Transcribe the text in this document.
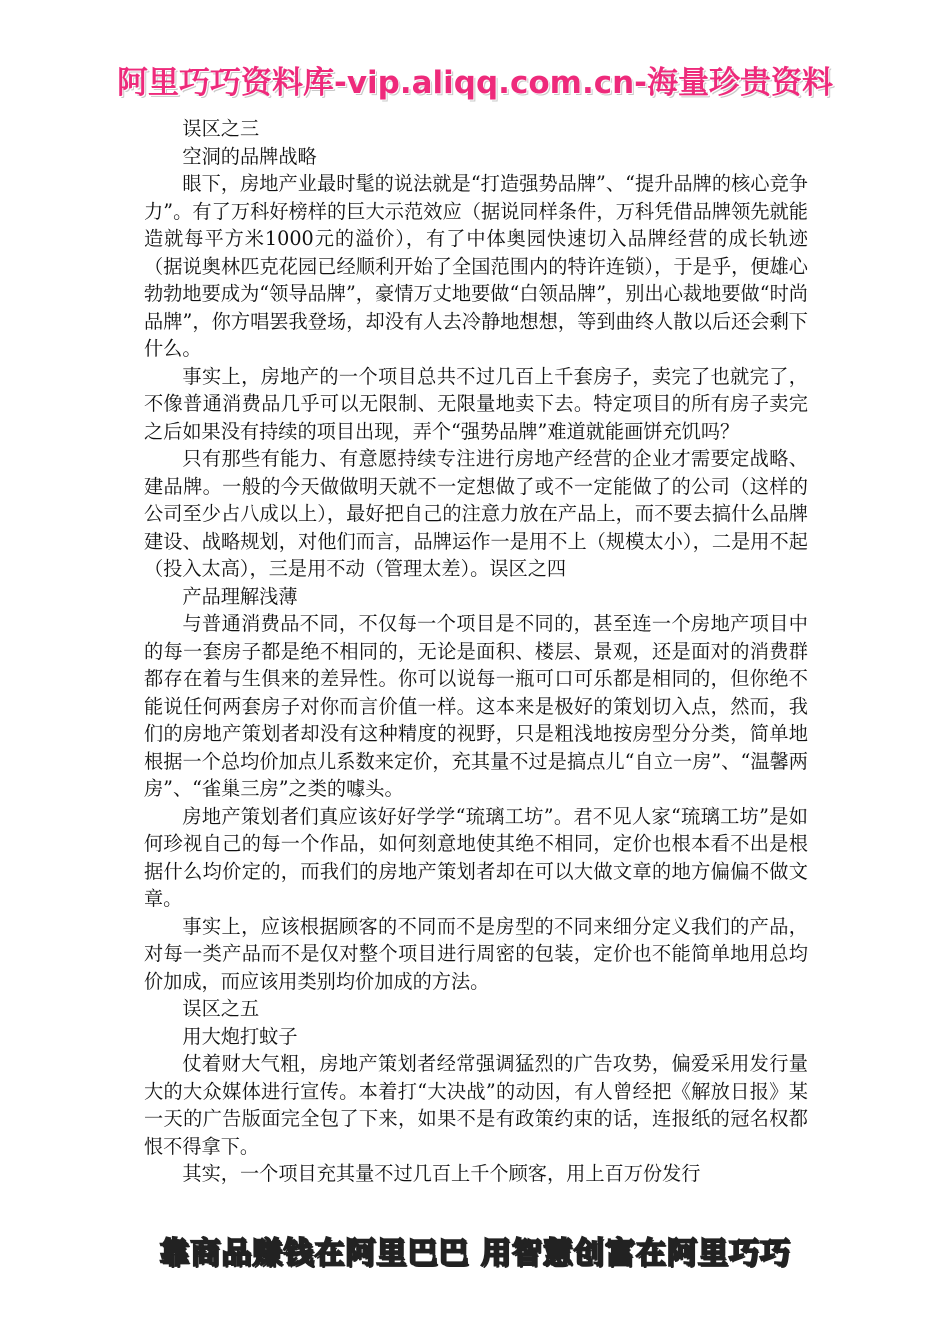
阿里巧巧资料库-vip.aliqq.com.cn-海量珍贵资料

误区之三

空洞的品牌战略

眼下，房地产业最时髦的说法就是“打造强势品牌”、“提升品牌的核心竞争力”。有了万科好榜样的巨大示范效应（据说同样条件，万科凭借品牌领先就能造就每平方米1000元的溢价），有了中体奥园快速切入品牌经营的成长轨迹（据说奥林匹克花园已经顺利开始了全国范围内的特许连锁），于是乎，便雄心勃勃地要成为“领导品牌”，豪情万丈地要做“白领品牌”，别出心裁地要做“时尚品牌”，你方唱罢我登场，却没有人去冷静地想想，等到曲终人散以后还会剩下什么。

事实上，房地产的一个项目总共不过几百上千套房子，卖完了也就完了，不像普通消费品几乎可以无限制、无限量地卖下去。特定项目的所有房子卖完之后如果没有持续的项目出现，弄个“强势品牌”难道就能画饼充饥吗？

只有那些有能力、有意愿持续专注进行房地产经营的企业才需要定战略、建品牌。一般的今天做做明天就不一定想做了或不一定能做了的公司（这样的公司至少占八成以上），最好把自己的注意力放在产品上，而不要去搞什么品牌建设、战略规划，对他们而言，品牌运作一是用不上（规模太小），二是用不起（投入太高），三是用不动（管理太差）。误区之四

产品理解浅薄

与普通消费品不同，不仅每一个项目是不同的，甚至连一个房地产项目中的每一套房子都是绝不相同的，无论是面积、楼层、景观，还是面对的消费群都存在着与生俱来的差异性。你可以说每一瓶可口可乐都是相同的，但你绝不能说任何两套房子对你而言价值一样。这本来是极好的策划切入点，然而，我们的房地产策划者却没有这种精度的视野，只是粗浅地按房型分分类，简单地根据一个总均价加点儿系数来定价，充其量不过是搞点儿“自立一房”、“温馨两房”、“雀巢三房”之类的噱头。

房地产策划者们真应该好好学学“琉璃工坊”。君不见人家“琉璃工坊”是如何珍视自己的每一个作品，如何刻意地使其绝不相同，定价也根本看不出是根据什么均价定的，而我们的房地产策划者却在可以大做文章的地方偏偏不做文章。

事实上，应该根据顾客的不同而不是房型的不同来细分定义我们的产品，对每一类产品而不是仅对整个项目进行周密的包装，定价也不能简单地用总均价加成，而应该用类别均价加成的方法。

误区之五

用大炮打蚊子

仗着财大气粗，房地产策划者经常强调猛烈的广告攻势，偏爱采用发行量大的大众媒体进行宣传。本着打“大决战”的动因，有人曾经把《解放日报》某一天的广告版面完全包了下来，如果不是有政策约束的话，连报纸的冠名权都恨不得拿下。

其实，一个项目充其量不过几百上千个顾客，用上百万份发行

靠商品赚钱在阿里巴巴 用智慧创富在阿里巧巧
